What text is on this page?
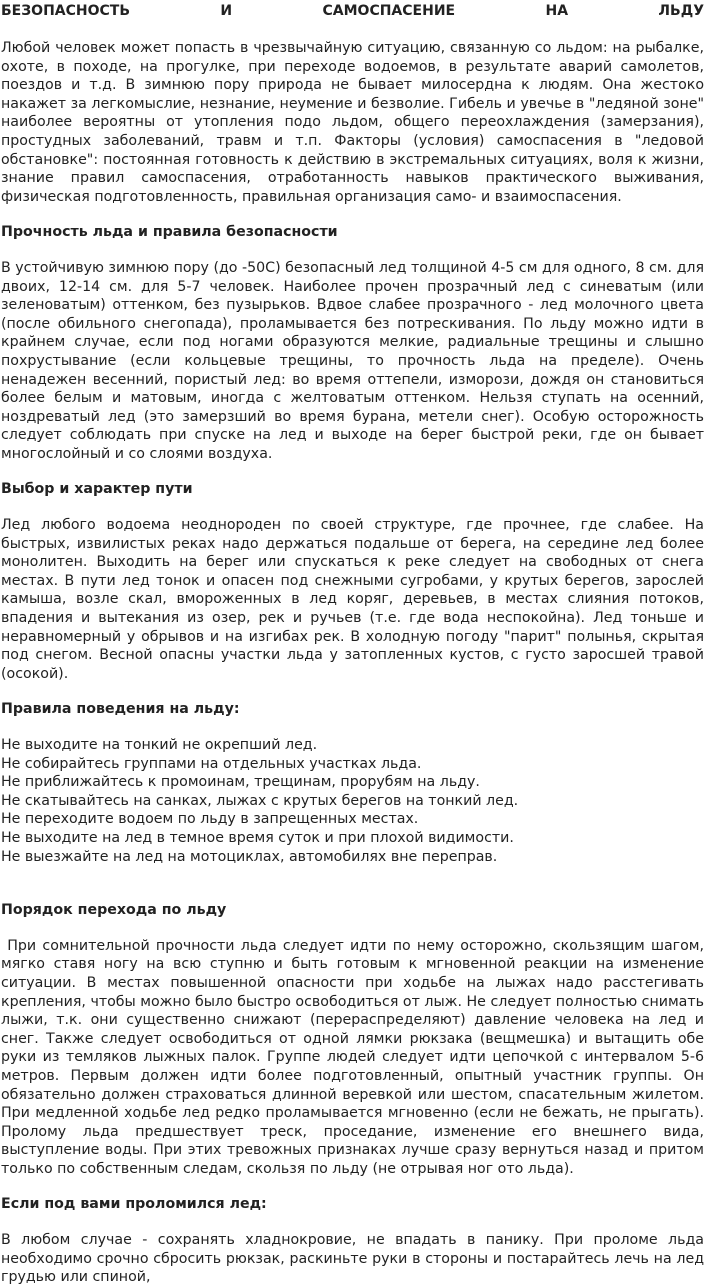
БЕЗОПАСНОСТЬ	И	САМОСПАСЕНИЕ	НА	ЛЬДУ

Любой человек может попасть в чрезвычайную ситуацию, связанную со льдом: на рыбалке, охоте, в походе, на прогулке, при переходе водоемов, в результате аварий самолетов, поездов и т.д. В зимнюю пору природа не бывает милосердна к людям. Она жестоко накажет за легкомыслие, незнание, неумение и безволие. Гибель и увечье в "ледяной зоне" наиболее вероятны от утопления подо льдом, общего переохлаждения (замерзания), простудных заболеваний, травм и т.п. Факторы (условия) самоспасения в "ледовой обстановке": постоянная готовность к действию в экстремальных ситуациях, воля к жизни, знание правил самоспасения, отработанность навыков практического выживания, физическая подготовленность, правильная организация само- и взаимоспасения.

Прочность льда и правила безопасности

В устойчивую зимнюю пору (до -50С) безопасный лед толщиной 4-5 см для одного, 8 см. для двоих, 12-14 см. для 5-7 человек. Наиболее прочен прозрачный лед с синеватым (или зеленоватым) оттенком, без пузырьков. Вдвое слабее прозрачного - лед молочного цвета (после обильного снегопада), проламывается без потрескивания. По льду можно идти в крайнем случае, если под ногами образуются мелкие, радиальные трещины и слышно похрустывание (если кольцевые трещины, то прочность льда на пределе). Очень ненадежен весенний, пористый лед: во время оттепели, изморози, дождя он становиться более белым и матовым, иногда с желтоватым оттенком. Нельзя ступать на осенний, ноздреватый лед (это замерзший во время бурана, метели снег). Особую осторожность следует соблюдать при спуске на лед и выходе на берег быстрой реки, где он бывает многослойный и со слоями воздуха.

Выбор и характер пути

Лед любого водоема неоднороден по своей структуре, где прочнее, где слабее. На быстрых, извилистых реках надо держаться подальше от берега, на середине лед более монолитен. Выходить на берег или спускаться к реке следует на свободных от снега местах. В пути лед тонок и опасен под снежными сугробами, у крутых берегов, зарослей камыша, возле скал, вмороженных в лед коряг, деревьев, в местах слияния потоков, впадения и вытекания из озер, рек и ручьев (т.е. где вода неспокойна). Лед тоньше и неравномерный у обрывов и на изгибах рек. В холодную погоду "парит" полынья, скрытая под снегом. Весной опасны участки льда у затопленных кустов, с густо заросшей травой (осокой).

Правила поведения на льду:
Не выходите на тонкий не окрепший лед.
Не собирайтесь группами на отдельных участках льда.
Не приближайтесь к промоинам, трещинам, прорубям на льду.
Не скатывайтесь на санках, лыжах с крутых берегов на тонкий лед.
Не переходите водоем по льду в запрещенных местах.
Не выходите на лед в темное время суток и при плохой видимости.
Не выезжайте на лед на мотоциклах, автомобилях вне переправ.
Порядок перехода по льду

При сомнительной прочности льда следует идти по нему осторожно, скользящим шагом, мягко ставя ногу на всю ступню и быть готовым к мгновенной реакции на изменение ситуации. В местах повышенной опасности при ходьбе на лыжах надо расстегивать крепления, чтобы можно было быстро освободиться от лыж. Не следует полностью снимать лыжи, т.к. они существенно снижают (перераспределяют) давление человека на лед и снег. Также следует освободиться от одной лямки рюкзака (вещмешка) и вытащить обе руки из темляков лыжных палок. Группе людей следует идти цепочкой с интервалом 5-6 метров. Первым должен идти более подготовленный, опытный участник группы. Он обязательно должен страховаться длинной веревкой или шестом, спасательным жилетом. При медленной ходьбе лед редко проламывается мгновенно (если не бежать, не прыгать). Пролому льда предшествует треск, проседание, изменение его внешнего вида, выступление воды. При этих тревожных признаках лучше сразу вернуться назад и притом только по собственным следам, скользя по льду (не отрывая ног ото льда).

Если под вами проломился лед:

В любом случае - сохранять хладнокровие, не впадать в панику. При проломе льда необходимо срочно сбросить рюкзак, раскиньте руки в стороны и постарайтесь лечь на лед грудью или спиной,
